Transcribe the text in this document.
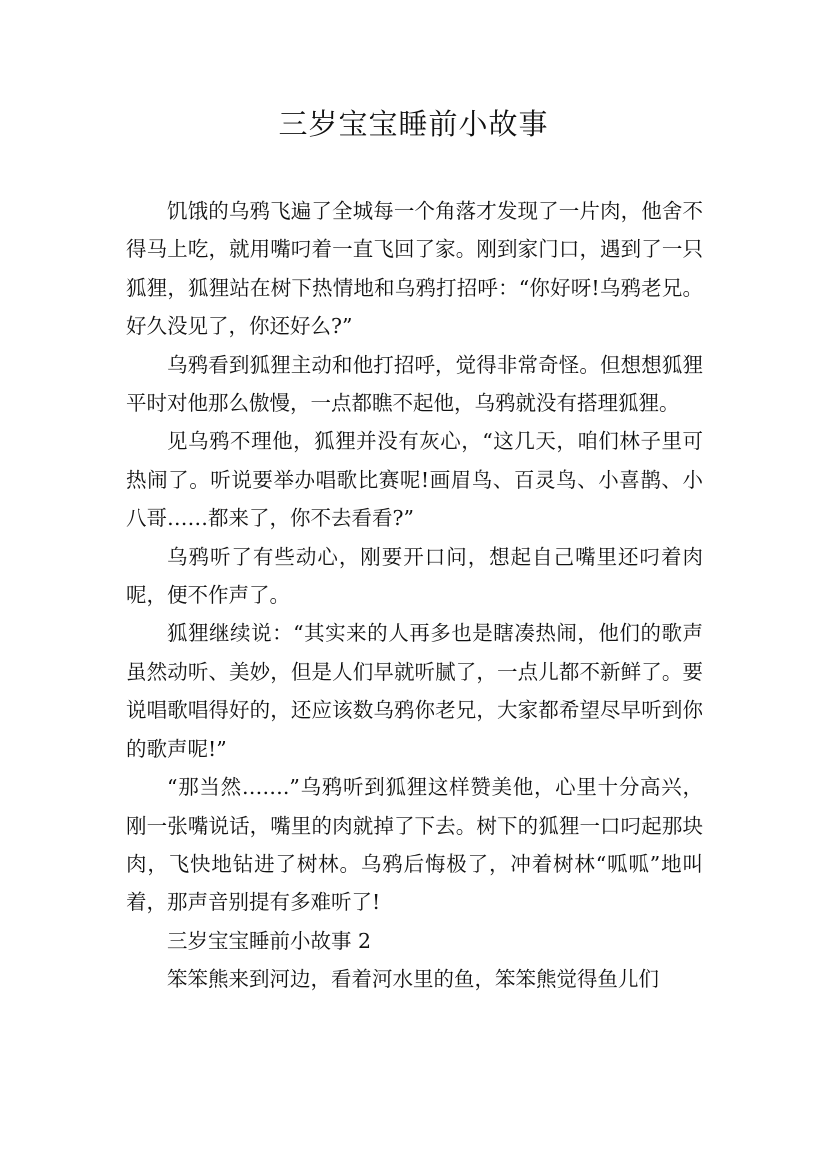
三岁宝宝睡前小故事

饥饿的乌鸦飞遍了全城每一个角落才发现了一片肉，他舍不得马上吃，就用嘴叼着一直飞回了家。刚到家门口，遇到了一只狐狸，狐狸站在树下热情地和乌鸦打招呼：“你好呀!乌鸦老兄。好久没见了，你还好么?”

乌鸦看到狐狸主动和他打招呼，觉得非常奇怪。但想想狐狸平时对他那么傲慢，一点都瞧不起他，乌鸦就没有搭理狐狸。

见乌鸦不理他，狐狸并没有灰心，“这几天，咱们林子里可热闹了。听说要举办唱歌比赛呢!画眉鸟、百灵鸟、小喜鹊、小八哥……都来了，你不去看看?”

乌鸦听了有些动心，刚要开口问，想起自己嘴里还叼着肉呢，便不作声了。

狐狸继续说：“其实来的人再多也是瞎凑热闹，他们的歌声虽然动听、美妙，但是人们早就听腻了，一点儿都不新鲜了。要说唱歌唱得好的，还应该数乌鸦你老兄，大家都希望尽早听到你的歌声呢!”

“那当然…….”乌鸦听到狐狸这样赞美他，心里十分高兴，刚一张嘴说话，嘴里的肉就掉了下去。树下的狐狸一口叼起那块肉，飞快地钻进了树林。乌鸦后悔极了，冲着树林“呱呱”地叫着，那声音别提有多难听了!

三岁宝宝睡前小故事 2

笨笨熊来到河边，看着河水里的鱼，笨笨熊觉得鱼儿们
